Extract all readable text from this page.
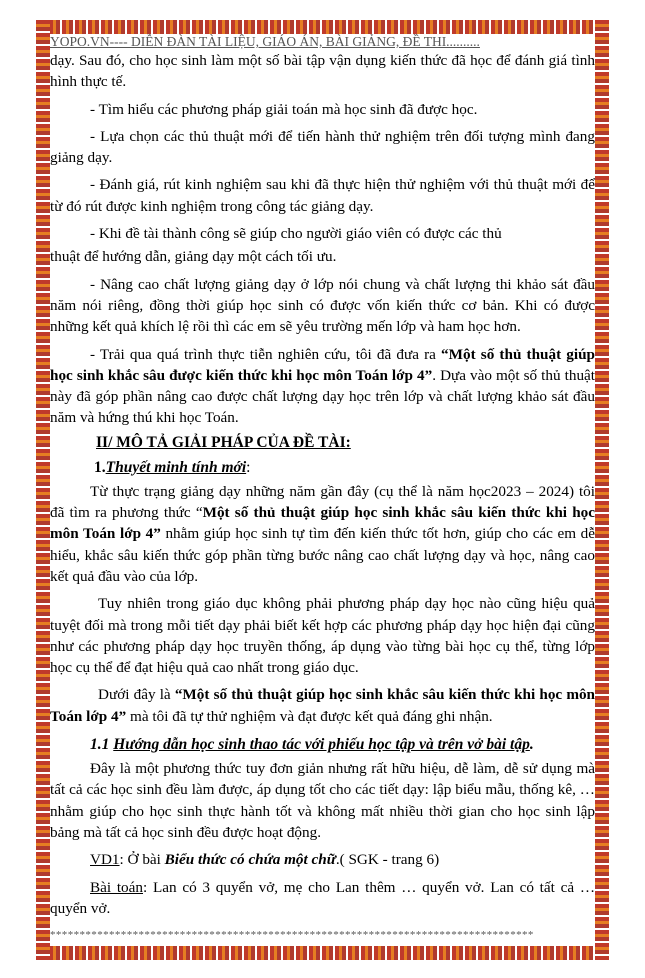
YOPO.VN---- DIỄN ĐÀN TÀI LIỆU, GIÁO ÁN, BÀI GIẢNG, ĐỀ THI..........

dạy. Sau đó, cho học sinh làm một số bài tập vận dụng kiến thức đã học để đánh giá tình hình thực tế.

- Tìm hiểu các phương pháp giải toán mà học sinh đã được học.

- Lựa chọn các thủ thuật mới để tiến hành thử nghiệm trên đối tượng mình đang giảng dạy.

- Đánh giá, rút kinh nghiệm sau khi đã thực hiện thử nghiệm với thủ thuật mới để từ đó rút được kinh nghiệm trong công tác giảng dạy.

- Khi đề tài thành công sẽ giúp cho người giáo viên có được các thủ

thuật để hướng dẫn, giảng dạy một cách tối ưu.

- Nâng cao chất lượng giảng dạy ở lớp nói chung và chất lượng thi khảo sát đầu năm nói riêng, đồng thời giúp học sinh có được vốn kiến thức cơ bản. Khi có được những kết quả khích lệ rồi thì các em sẽ yêu trường mến lớp và ham học hơn.

- Trải qua quá trình thực tiễn nghiên cứu, tôi đã đưa ra “Một số thủ thuật giúp học sinh khắc sâu được kiến thức khi học môn Toán lớp 4”. Dựa vào một số thủ thuật này đã góp phần nâng cao được chất lượng dạy học trên lớp và chất lượng khảo sát đầu năm và hứng thú khi học Toán.

II/ MÔ TẢ GIẢI PHÁP CỦA ĐỀ TÀI:
1.Thuyết minh tính mới:

Từ thực trạng giảng dạy những năm gần đây (cụ thể là năm học2023 – 2024) tôi đã tìm ra phương thức “Một số thủ thuật giúp học sinh khắc sâu kiến thức khi học môn Toán lớp 4” nhằm giúp học sinh tự tìm đến kiến thức tốt hơn, giúp cho các em dễ hiểu, khắc sâu kiến thức góp phần từng bước nâng cao chất lượng dạy và học, nâng cao kết quả đầu vào của lớp.

Tuy nhiên trong giáo dục không phải phương pháp dạy học nào cũng hiệu quả tuyệt đối mà trong mỗi tiết dạy phải biết kết hợp các phương pháp dạy học hiện đại cũng như các phương pháp dạy học truyền thống, áp dụng vào từng bài học cụ thể, từng lớp học cụ thể để đạt hiệu quả cao nhất trong giáo dục.

Dưới đây là “Một số thủ thuật giúp học sinh khắc sâu kiến thức khi học môn Toán lớp 4” mà tôi đã tự thử nghiệm và đạt được kết quả đáng ghi nhận.

1.1 Hướng dẫn học sinh thao tác với phiếu học tập và trên vở bài tập.

Đây là một phương thức tuy đơn giản nhưng rất hữu hiệu, dễ làm, dễ sử dụng mà tất cả các học sinh đều làm được, áp dụng tốt cho các tiết dạy: lập biểu mẫu, thống kê, … nhằm giúp cho học sinh thực hành tốt và không mất nhiều thời gian cho học sinh lập bảng mà tất cả học sinh đều được hoạt động.

VD1: Ở bài Biểu thức có chứa một chữ.( SGK - trang 6)

Bài toán: Lan có 3 quyển vở, mẹ cho Lan thêm … quyển vở. Lan có tất cả … quyển vở.

**********************************************************************************
